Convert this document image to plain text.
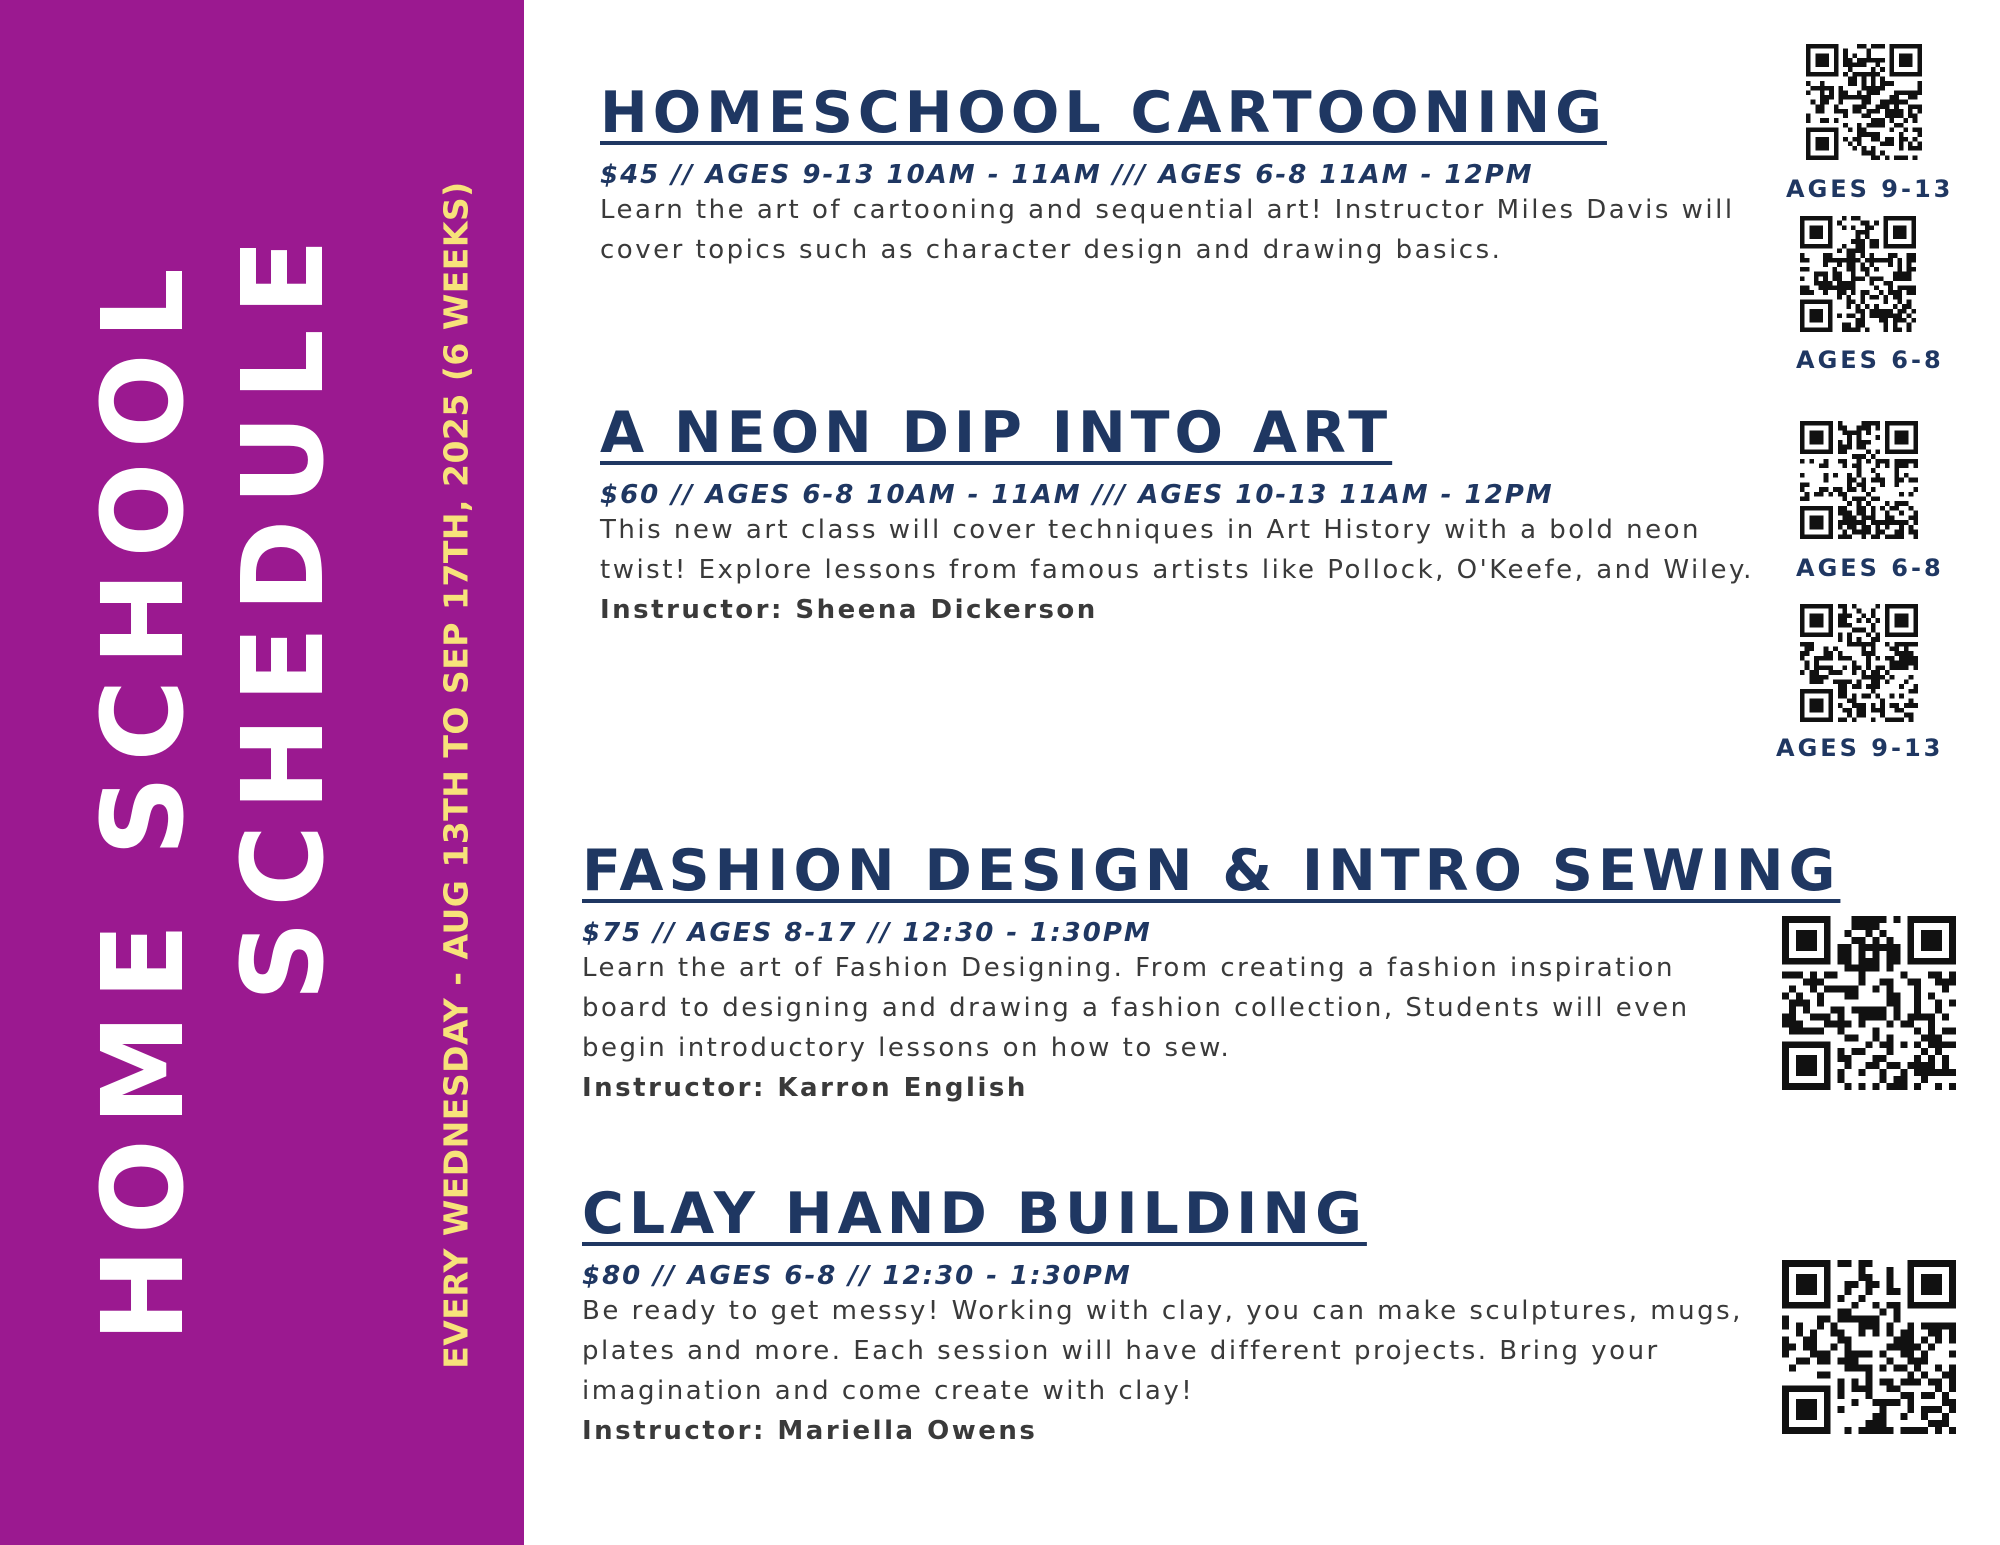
HOME SCHOOL SCHEDULE	EVERY WEDNESDAY - AUG 13TH TO SEP 17TH, 2025 (6 WEEKS)
HOMESCHOOL CARTOONING
$45 // AGES 9-13 10AM - 11AM /// AGES 6-8 11AM - 12PM
Learn the art of cartooning and sequential art! Instructor Miles Davis will cover topics such as character design and drawing basics.
A NEON DIP INTO ART
$60 // AGES 6-8 10AM - 11AM /// AGES 10-13 11AM - 12PM
This new art class will cover techniques in Art History with a bold neon twist! Explore lessons from famous artists like Pollock, O'Keefe, and Wiley.
Instructor: Sheena Dickerson
FASHION DESIGN & INTRO SEWING
$75 // AGES 8-17 // 12:30 - 1:30PM
Learn the art of Fashion Designing. From creating a fashion inspiration board to designing and drawing a fashion collection, Students will even begin introductory lessons on how to sew.
Instructor: Karron English
CLAY HAND BUILDING
$80 // AGES 6-8 // 12:30 - 1:30PM
Be ready to get messy! Working with clay, you can make sculptures, mugs, plates and more. Each session will have different projects. Bring your imagination and come create with clay!
Instructor: Mariella Owens
AGES 9-13
AGES 6-8
AGES 6-8
AGES 9-13
